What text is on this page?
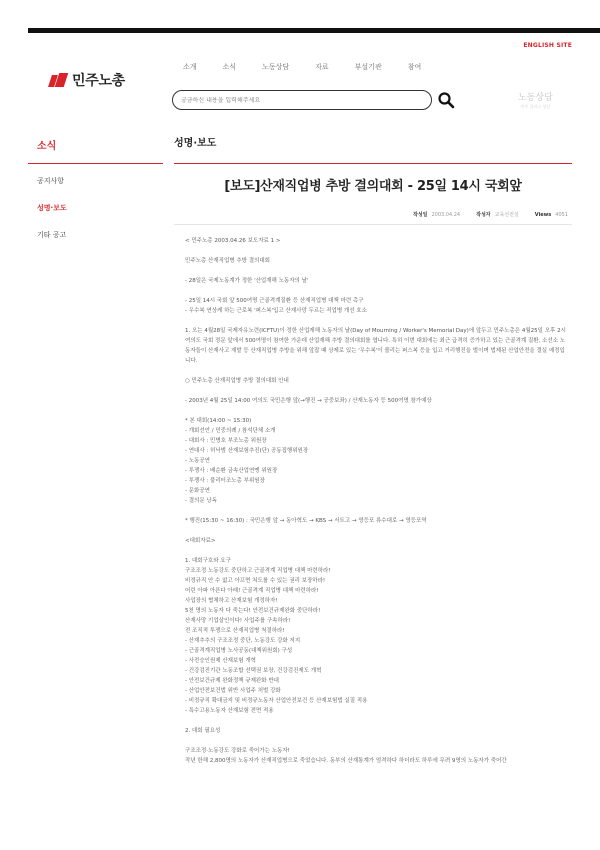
ENGLISH SITE
민주노총
소개	소식	노동상담	자료	부설기관	참여
궁금하신 내용을 입력해주세요
노동상담
민주 플러스 상담
소식
공지사항
성명·보도
기타 공고
성명·보도
[보도]산재직업병 추방 결의대회 - 25일 14시 국회앞
작성일 2003.04.24	작성자 교육선전실	Views 4051

< 민주노총 2003.04.26 보도자료 1 >

민주노총 산재직업병 추방 결의대회

- 28일은 국제노동계가 정한 '산업재해 노동자의 날'

- 25일 14시 국회 앞 500여명 근골격계질환 등 산재직업병 대책 마련 촉구

- 우수복 연상케 하는 근로복 '퍼스복'입고 산재사망 두르는 직업병 개선 호소

1. 오는 4월28일 국제자유노련(ICFTU)이 정한 산업재해 노동자의 날(Day of Mourning / Worker's Memorial Day)에 앞두고 민주노총은 4월25일 오후 2시 여의도 국회 정문 앞에서 500여명이 참여한 가운데 산업재해 추방 결의대회를 엽니다. 특히 이번 대회에는 최근 급격히 증가하고 있는 근골격계 질환, 소선소 노동자들이 산재사고 재발 등 산재직업병 추방을 위해 앞잡 때 상제로 있는 '우수복'이 볼리는 퍼스복 등을 입고 거리행진을 벌이며 법제된 산업안전을 결실 예정입니다.

○ 민주노총 산재직업병 추방 결의대회 안내

- 2003년 4월 25일 14:00 여의도 국민은행 앞(→행진 → 공중보좌) / 산재노동자 등 500여명 참가예상

* 본 대회(14:00 ~ 15:30)

- 개회선언 / 민중의례 / 참석단체 소개

- 대회사 : 민병호 부조노총 위원장

- 연대사 : 허낙범 산재보험추진(단) 공동집행위원장

- 노동공연

- 투쟁사 : 배순환 금속산업연맹 위원장

- 투쟁사 : 불리터조노총 부위원장

- 문화공연

- 결의문 낭독

* 행진(15:30 ~ 16:30) : 국민은행 앞 → 동아혁도 → KBS → 서트고 → 영등포 류수대로 → 영등포역

<대회자료>

1. 대회구호와 요구

구조조정 노동강도 중단하고 근골격계 직업병 대책 마련하라!

비정규직 안 수 없고 아프면 쳐도를 수 있는 권리 보장하라!

어린 아파 아픈다 아래! 근골격계 직업병 대책 마련하라!

사업장의 협체하고 산재보험 개정하자!

5천 명의 노동자 다 죽는다! 안전보건규제완화 중단하라!

산재사망 기업살인이다! 사업주를 구속하라!

전 조직적 투쟁으로 산재직업병 척결하라!

- 산재추추의 구조조정 중단, 노동강도 강화 저지

- 근골격계직업병 노사공동(대책위원회) 구성

- 사전승인원제 산재보험 개혁

- 건강검진기관 노동조합 선택권 보장, 건강검진제도 개혁

- 안전보건규제 완화정책 규제완화 반대

- 산업안전보건법 위반 사업주 처벌 강화

- 비정규직 확대금지 및 비정규노동자 산업안전보건 등 산재보험법 실질 적용

- 특수고용노동자 산재보험 전면 적용

2. 대회 필요성

구조조정·노동강도 강화로 죽어가는 노동자!

작년 한해 2,800명의 노동자가 산재직업병으로 죽었습니다. 동부의 산재통계가 엄격하다 하더라도 하루에 무려 9명의 노동자가 죽어간
